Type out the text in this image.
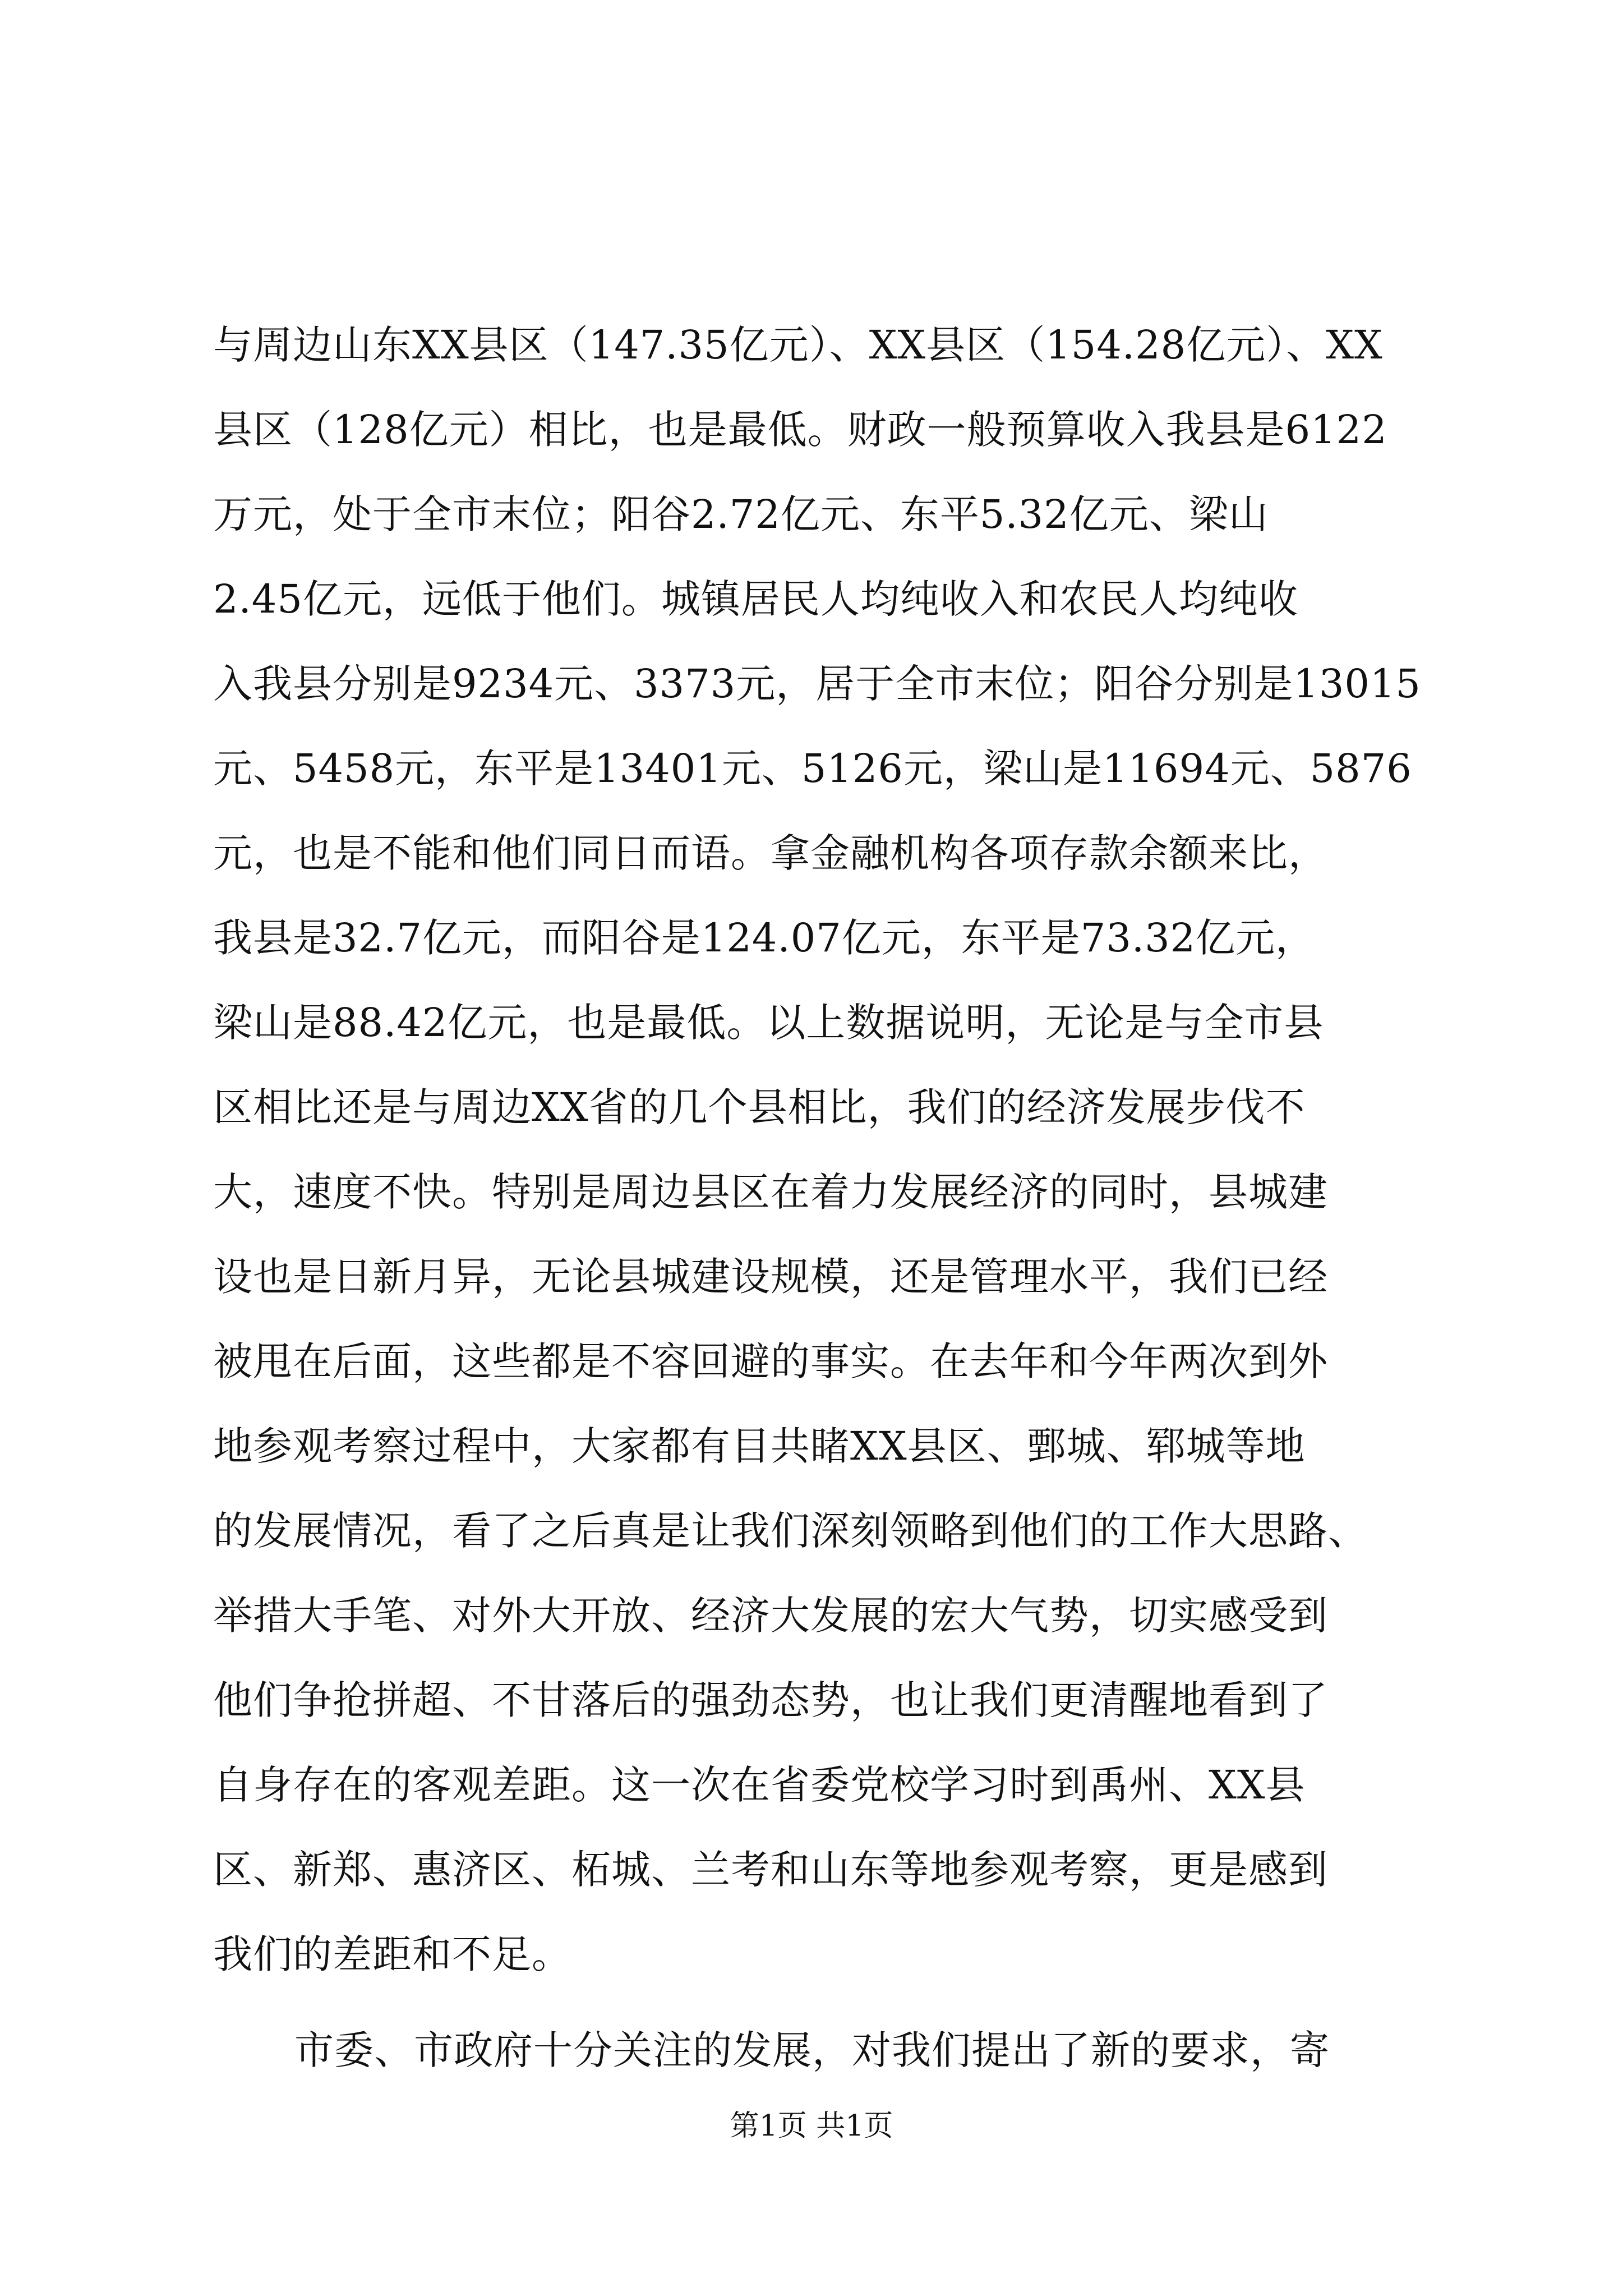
与周边山东XX县区（147.35亿元）、XX县区（154.28亿元）、XX
县区（128亿元）相比，也是最低。财政一般预算收入我县是6122
万元，处于全市末位；阳谷2.72亿元、东平5.32亿元、梁山
2.45亿元，远低于他们。城镇居民人均纯收入和农民人均纯收
入我县分别是9234元、3373元，居于全市末位；阳谷分别是13015
元、5458元，东平是13401元、5126元，梁山是11694元、5876
元，也是不能和他们同日而语。拿金融机构各项存款余额来比，
我县是32.7亿元，而阳谷是124.07亿元，东平是73.32亿元，
梁山是88.42亿元，也是最低。以上数据说明，无论是与全市县
区相比还是与周边XX省的几个县相比，我们的经济发展步伐不
大，速度不快。特别是周边县区在着力发展经济的同时，县城建
设也是日新月异，无论县城建设规模，还是管理水平，我们已经
被甩在后面，这些都是不容回避的事实。在去年和今年两次到外
地参观考察过程中，大家都有目共睹XX县区、鄄城、郓城等地
的发展情况，看了之后真是让我们深刻领略到他们的工作大思路、
举措大手笔、对外大开放、经济大发展的宏大气势，切实感受到
他们争抢拼超、不甘落后的强劲态势，也让我们更清醒地看到了
自身存在的客观差距。这一次在省委党校学习时到禹州、XX县
区、新郑、惠济区、柘城、兰考和山东等地参观考察，更是感到
我们的差距和不足。
市委、市政府十分关注的发展，对我们提出了新的要求，寄
第1页 共1页
